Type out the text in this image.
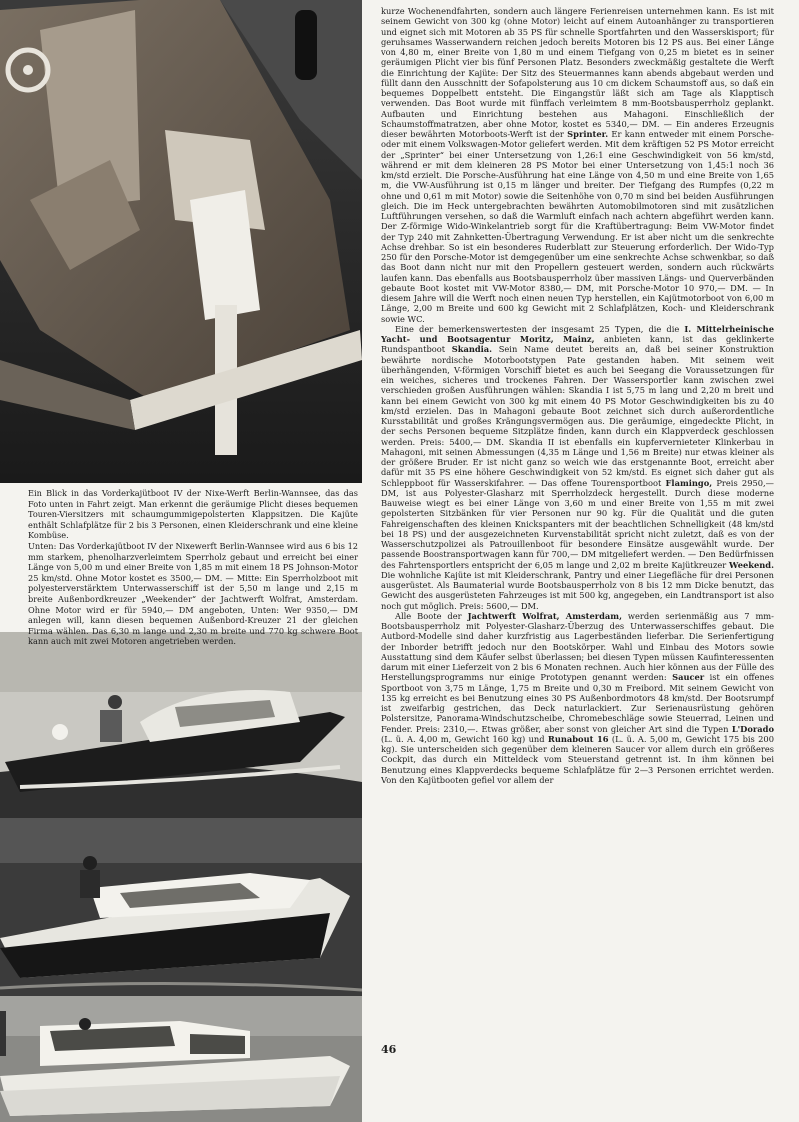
Ein Blick in das Vorderkajütboot IV der Nixe-Werft Berlin-Wannsee, das das Foto unten in Fahrt zeigt. Man erkennt die geräumige Plicht dieses bequemen Touren-Viersitzers mit schaumgummigepolsterten Klappsitzen. Die Kajüte enthält Schlafplätze für 2 bis 3 Personen, einen Kleiderschrank und eine kleine Kombüse.

Unten: Das Vorderkajütboot IV der Nixewerft Berlin-Wannsee wird aus 6 bis 12 mm starkem, phenolharzverleimtem Sperrholz gebaut und erreicht bei einer Länge von 5,00 m und einer Breite von 1,85 m mit einem 18 PS Johnson-Motor 25 km/std. Ohne Motor kostet es 3500,— DM. — Mitte: Ein Sperrholzboot mit polyesterverstärktem Unterwasserschiff ist der 5,50 m lange und 2,15 m breite Außenbordkreuzer „Weekender“ der Jachtwerft Wolfrat, Amsterdam. Ohne Motor wird er für 5940,— DM angeboten, Unten: Wer 9350,— DM anlegen will, kann diesen bequemen Außenbord-Kreuzer 21 der gleichen Firma wählen. Das 6,30 m lange und 2,30 m breite und 770 kg schwere Boot kann auch mit zwei Motoren angetrieben werden.

kurze Wochenendfahrten, sondern auch längere Ferienreisen unternehmen kann. Es ist mit seinem Gewicht von 300 kg (ohne Motor) leicht auf einem Autoanhänger zu transportieren und eignet sich mit Motoren ab 35 PS für schnelle Sportfahrten und den Wasserskisport; für geruhsames Wasserwandern reichen jedoch bereits Motoren bis 12 PS aus. Bei einer Länge von 4,80 m, einer Breite von 1,80 m und einem Tiefgang von 0,25 m bietet es in seiner geräumigen Plicht vier bis fünf Personen Platz. Besonders zweckmäßig gestaltete die Werft die Einrichtung der Kajüte: Der Sitz des Steuermannes kann abends abgebaut werden und füllt dann den Ausschnitt der Sofapolsterung aus 10 cm dickem Schaumstoff aus, so daß ein bequemes Doppelbett entsteht. Die Eingangstür läßt sich am Tage als Klapptisch verwenden. Das Boot wurde mit fünffach verleimtem 8 mm-Bootsbausperrholz geplankt. Aufbauten und Einrichtung bestehen aus Mahagoni. Einschließlich der Schaumstoffmatratzen, aber ohne Motor, kostet es 5340,— DM. — Ein anderes Erzeugnis dieser bewährten Motorboots-Werft ist der Sprinter. Er kann entweder mit einem Porsche- oder mit einem Volkswagen-Motor geliefert werden. Mit dem kräftigen 52 PS Motor erreicht der „Sprinter“ bei einer Untersetzung von 1,26:1 eine Geschwindigkeit von 56 km/std, während er mit dem kleineren 28 PS Motor bei einer Untersetzung von 1,45:1 noch 36 km/std erzielt. Die Porsche-Ausführung hat eine Länge von 4,50 m und eine Breite von 1,65 m, die VW-Ausführung ist 0,15 m länger und breiter. Der Tiefgang des Rumpfes (0,22 m ohne und 0,61 m mit Motor) sowie die Seitenhöhe von 0,70 m sind bei beiden Ausführungen gleich. Die im Heck untergebrachten bewährten Automobilmotoren sind mit zusätzlichen Luftführungen versehen, so daß die Warmluft einfach nach achtern abgeführt werden kann. Der Z-förmige Wido-Winkelantrieb sorgt für die Kraftübertragung: Beim VW-Motor findet der Typ 240 mit Zahnketten-Übertragung Verwendung. Er ist aber nicht um die senkrechte Achse drehbar. So ist ein besonderes Ruderblatt zur Steuerung erforderlich. Der Wido-Typ 250 für den Porsche-Motor ist demgegenüber um eine senkrechte Achse schwenkbar, so daß das Boot dann nicht nur mit den Propellern gesteuert werden, sondern auch rückwärts laufen kann. Das ebenfalls aus Bootsbausperrholz über massiven Längs- und Querverbänden gebaute Boot kostet mit VW-Motor 8380,— DM, mit Porsche-Motor 10 970,— DM. — In diesem Jahre will die Werft noch einen neuen Typ herstellen, ein Kajütmotorboot von 6,00 m Länge, 2,00 m Breite und 600 kg Gewicht mit 2 Schlafplätzen, Koch- und Kleiderschrank sowie WC.

Eine der bemerkenswertesten der insgesamt 25 Typen, die die I. Mittelrheinische Yacht- und Bootsagentur Moritz, Mainz, anbieten kann, ist das geklinkerte Rundspantboot Skandia. Sein Name deutet bereits an, daß bei seiner Konstruktion bewährte nordische Motorbootstypen Pate gestanden haben. Mit seinem weit überhängenden, V-förmigen Vorschiff bietet es auch bei Seegang die Voraussetzungen für ein weiches, sicheres und trockenes Fahren. Der Wassersportler kann zwischen zwei verschieden großen Ausführungen wählen: Skandia I ist 5,75 m lang und 2,20 m breit und kann bei einem Gewicht von 300 kg mit einem 40 PS Motor Geschwindigkeiten bis zu 40 km/std erzielen. Das in Mahagoni gebaute Boot zeichnet sich durch außerordentliche Kursstabilität und großes Krängungsvermögen aus. Die geräumige, eingedeckte Plicht, in der sechs Personen bequeme Sitzplätze finden, kann durch ein Klappverdeck geschlossen werden. Preis: 5400,— DM. Skandia II ist ebenfalls ein kupfervernieteter Klinkerbau in Mahagoni, mit seinen Abmessungen (4,35 m Länge und 1,56 m Breite) nur etwas kleiner als der größere Bruder. Er ist nicht ganz so weich wie das erstgenannte Boot, erreicht aber dafür mit 35 PS eine höhere Geschwindigkeit von 52 km/std. Es eignet sich daher gut als Schleppboot für Wasserskifahrer. — Das offene Tourensportboot Flamingo, Preis 2950,— DM, ist aus Polyester-Glasharz mit Sperrholzdeck hergestellt. Durch diese moderne Bauweise wiegt es bei einer Länge von 3,60 m und einer Breite von 1,55 m mit zwei gepolsterten Sitzbänken für vier Personen nur 90 kg. Für die Qualität und die guten Fahreigenschaften des kleinen Knickspanters mit der beachtlichen Schnelligkeit (48 km/std bei 18 PS) und der ausgezeichneten Kurvenstabilität spricht nicht zuletzt, daß es von der Wasserschutzpolizei als Patrouillenboot für besondere Einsätze ausgewählt wurde. Der passende Boostransportwagen kann für 700,— DM mitgeliefert werden. — Den Bedürfnissen des Fahrtensportlers entspricht der 6,05 m lange und 2,02 m breite Kajütkreuzer Weekend. Die wohnliche Kajüte ist mit Kleiderschrank, Pantry und einer Liegefläche für drei Personen ausgerüstet. Als Baumaterial wurde Bootsbausperrholz von 8 bis 12 mm Dicke benutzt, das Gewicht des ausgerüsteten Fahrzeuges ist mit 500 kg, angegeben, ein Landtransport ist also noch gut möglich. Preis: 5600,— DM.

Alle Boote der Jachtwerft Wolfrat, Amsterdam, werden serienmäßig aus 7 mm-Bootsbausperrholz mit Polyester-Glasharz-Überzug des Unterwasserschiffes gebaut. Die Autbord-Modelle sind daher kurzfristig aus Lagerbeständen lieferbar. Die Serienfertigung der Inborder betrifft jedoch nur den Bootskörper. Wahl und Einbau des Motors sowie Ausstattung sind dem Käufer selbst überlassen; bei diesen Typen müssen Kaufinteressenten darum mit einer Lieferzeit von 2 bis 6 Monaten rechnen. Auch hier können aus der Fülle des Herstellungsprogramms nur einige Prototypen genannt werden: Saucer ist ein offenes Sportboot von 3,75 m Länge, 1,75 m Breite und 0,30 m Freibord. Mit seinem Gewicht von 135 kg erreicht es bei Benutzung eines 30 PS Außenbordmotors 48 km/std. Der Bootsrumpf ist zweifarbig gestrichen, das Deck naturlackiert. Zur Serienausrüstung gehören Polstersitze, Panorama-Windschutzscheibe, Chromebeschläge sowie Steuerrad, Leinen und Fender. Preis: 2310,—. Etwas größer, aber sonst von gleicher Art sind die Typen L'Dorado (L. ü. A. 4,00 m, Gewicht 160 kg) und Runabout 16 (L. ü. A. 5,00 m, Gewicht 175 bis 200 kg). Sie unterscheiden sich gegenüber dem kleineren Saucer vor allem durch ein größeres Cockpit, das durch ein Mitteldeck vom Steuerstand getrennt ist. In ihm können bei Benutzung eines Klappverdecks bequeme Schlafplätze für 2—3 Personen errichtet werden. Von den Kajütbooten gefiel vor allem der

46
